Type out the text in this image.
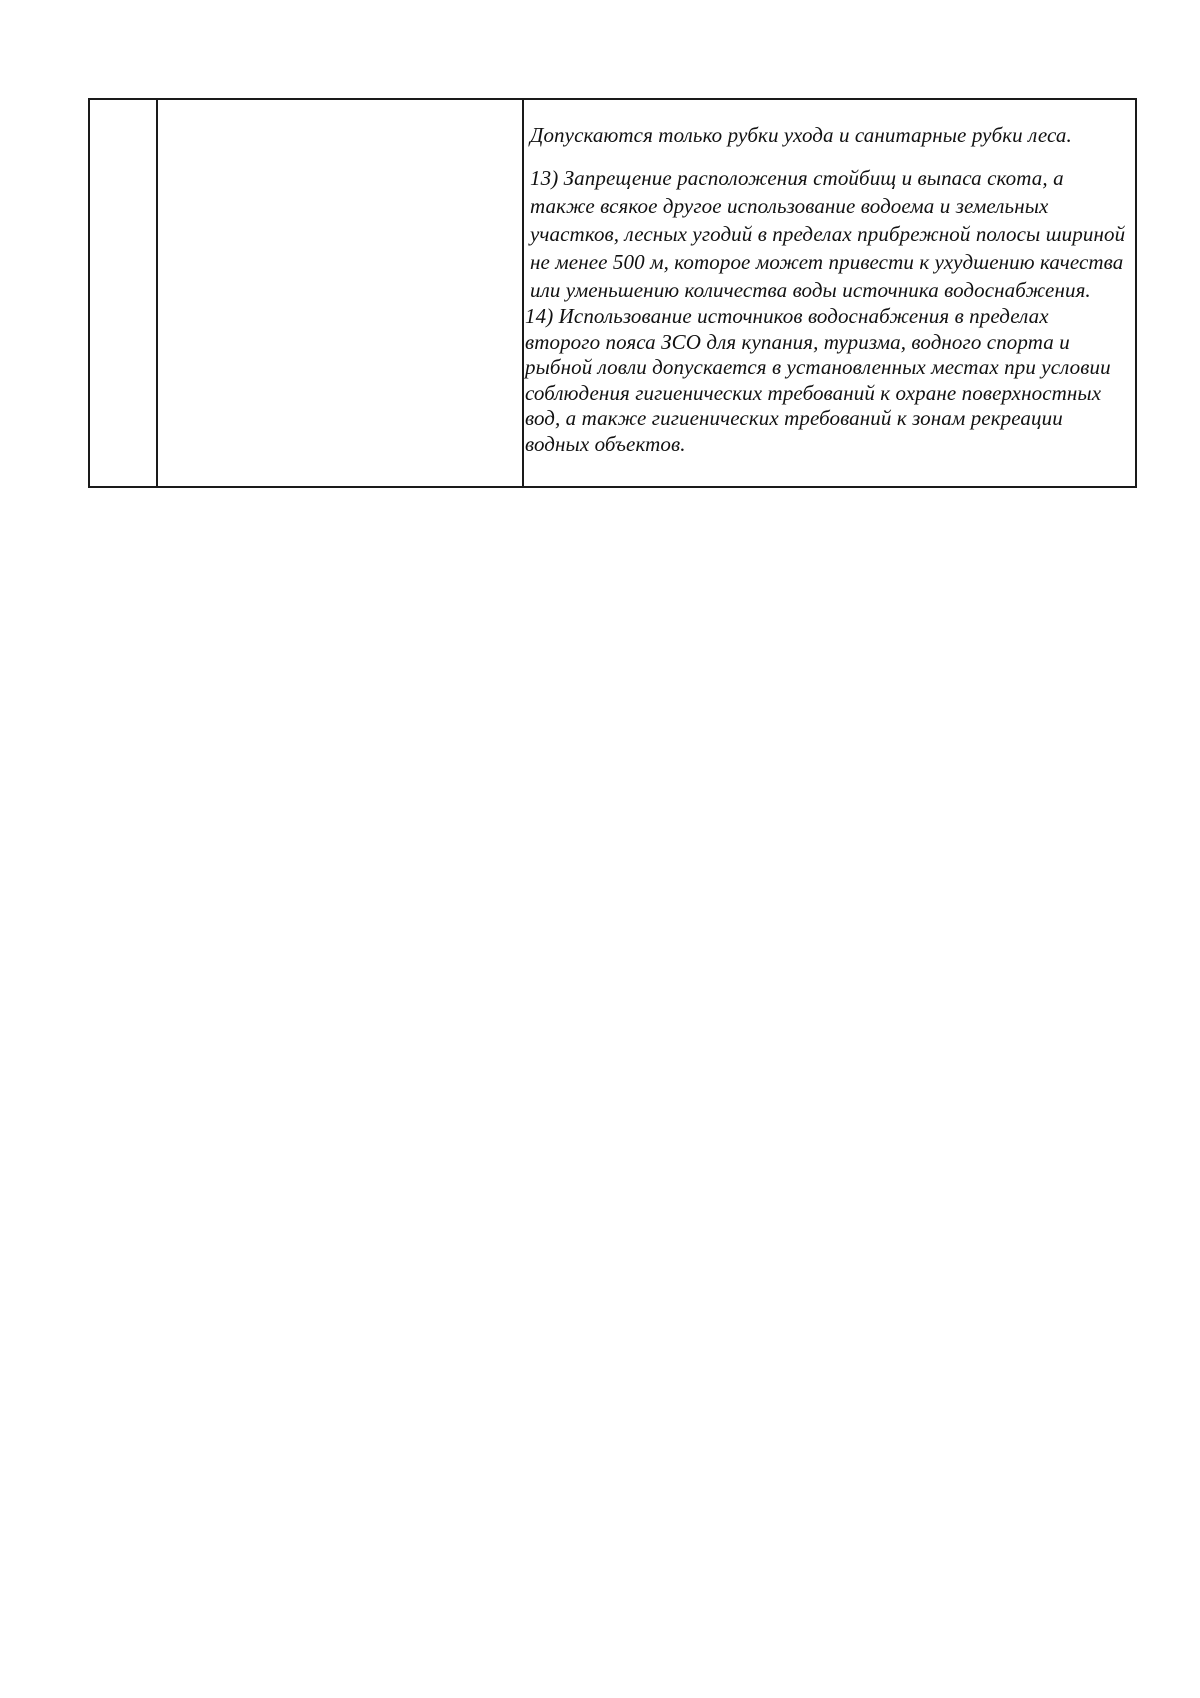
Допускаются только рубки ухода и санитарные рубки леса.
13) Запрещение расположения стойбищ и выпаса скота, а также всякое другое использование водоема и земельных участков, лесных угодий в пределах прибрежной полосы шириной не менее 500 м, которое может привести к ухудшению качества или уменьшению количества воды источника водоснабжения.
14) Использование источников водоснабжения в пределах второго пояса ЗСО для купания, туризма, водного спорта и рыбной ловли допускается в установленных местах при условии соблюдения гигиенических требований к охране поверхностных вод, а также гигиенических требований к зонам рекреации водных объектов.
